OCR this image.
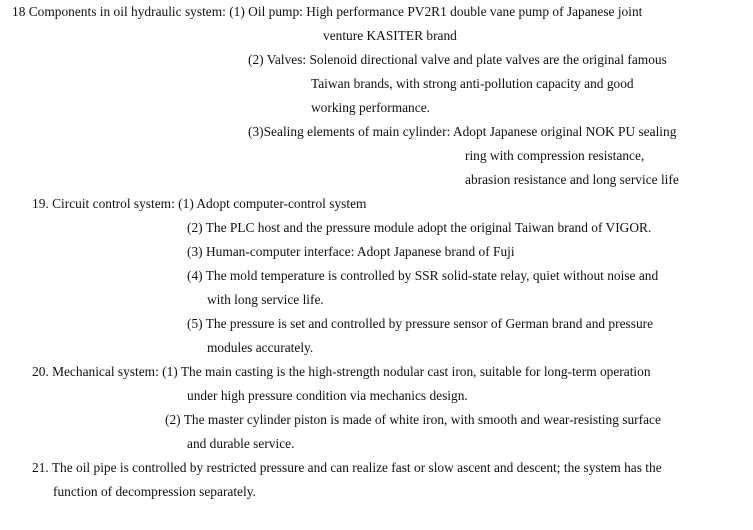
18 Components in oil hydraulic system: (1) Oil pump: High performance PV2R1 double vane pump of Japanese joint
venture KASITER brand
(2) Valves: Solenoid directional valve and plate valves are the original famous
Taiwan brands, with strong anti-pollution capacity and good
working performance.
(3)Sealing elements of main cylinder: Adopt Japanese original NOK PU sealing
ring with compression resistance,
abrasion resistance and long service life
19. Circuit control system: (1) Adopt computer-control system
(2) The PLC host and the pressure module adopt the original Taiwan brand of VIGOR.
(3) Human-computer interface: Adopt Japanese brand of Fuji
(4) The mold temperature is controlled by SSR solid-state relay, quiet without noise and
with long service life.
(5) The pressure is set and controlled by pressure sensor of German brand and pressure
modules accurately.
20. Mechanical system: (1) The main casting is the high-strength nodular cast iron, suitable for long-term operation
under high pressure condition via mechanics design.
(2) The master cylinder piston is made of white iron, with smooth and wear-resisting surface
and durable service.
21. The oil pipe is controlled by restricted pressure and can realize fast or slow ascent and descent; the system has the
function of decompression separately.
